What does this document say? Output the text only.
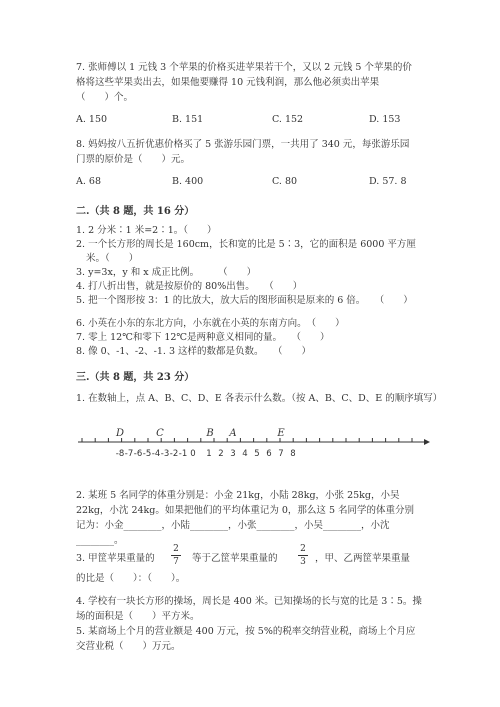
7. 张师傅以 1 元钱 3 个苹果的价格买进苹果若干个，又以 2 元钱 5 个苹果的价
格将这些苹果卖出去，如果他要赚得 10 元钱利润，那么他必须卖出苹果
（　　）个。
A. 150	B. 151	C. 152	D. 153
8. 妈妈按八五折优惠价格买了 5 张游乐园门票，一共用了 340 元，每张游乐园
门票的原价是（　　）元。
A. 68	B. 400	C. 80	D. 57. 8
二.（共 8 题，共 16 分）
1. 2 分米∶1 米=2∶1。（　　）
2. 一个长方形的周长是 160cm，长和宽的比是 5∶3，它的面积是 6000 平方厘
米。（　　）
3. y=3x，y 和 x 成正比例。　　　（　　）
4. 打八折出售，就是按原价的 80%出售。　　（　　）
5. 把一个图形按 3：1 的比放大，放大后的图形面积是原来的 6 倍。　　（　　）
6. 小英在小东的东北方向，小东就在小英的东南方向。　（　　）
7. 零上 12℃和零下 12℃是两种意义相同的量。　　（　　）
8. 像 0、-1、-2、-1. 3 这样的数都是负数。　　（　　）
三.（共 8 题，共 23 分）
1. 在数轴上，点 A、B、C、D、E 各表示什么数。（按 A、B、C、D、E 的顺序填写）
D	C	B A	E
-8 -7 -6 -5 -4 -3 -2 -1 0 1 2 3 4 5 6 7 8
2. 某班 5 名同学的体重分别是：小金 21kg，小陆 28kg，小张 25kg，小吴
22kg，小沈 24kg。如果把他们的平均体重记为 0，那么这 5 名同学的体重分别
记为：小金________，小陆________，小张________，小吴________，小沈
________。
3. 甲筐苹果重量的
2
7 等于乙筐苹果重量的
2
3 ，甲、乙两筐苹果重量
的比是（　　）：（　　）。
4. 学校有一块长方形的操场，周长是 400 米。已知操场的长与宽的比是 3∶5。操
场的面积是（　　）平方米。
5. 某商场上个月的营业额是 400 万元，按 5%的税率交纳营业税，商场上个月应
交营业税（　　）万元。
